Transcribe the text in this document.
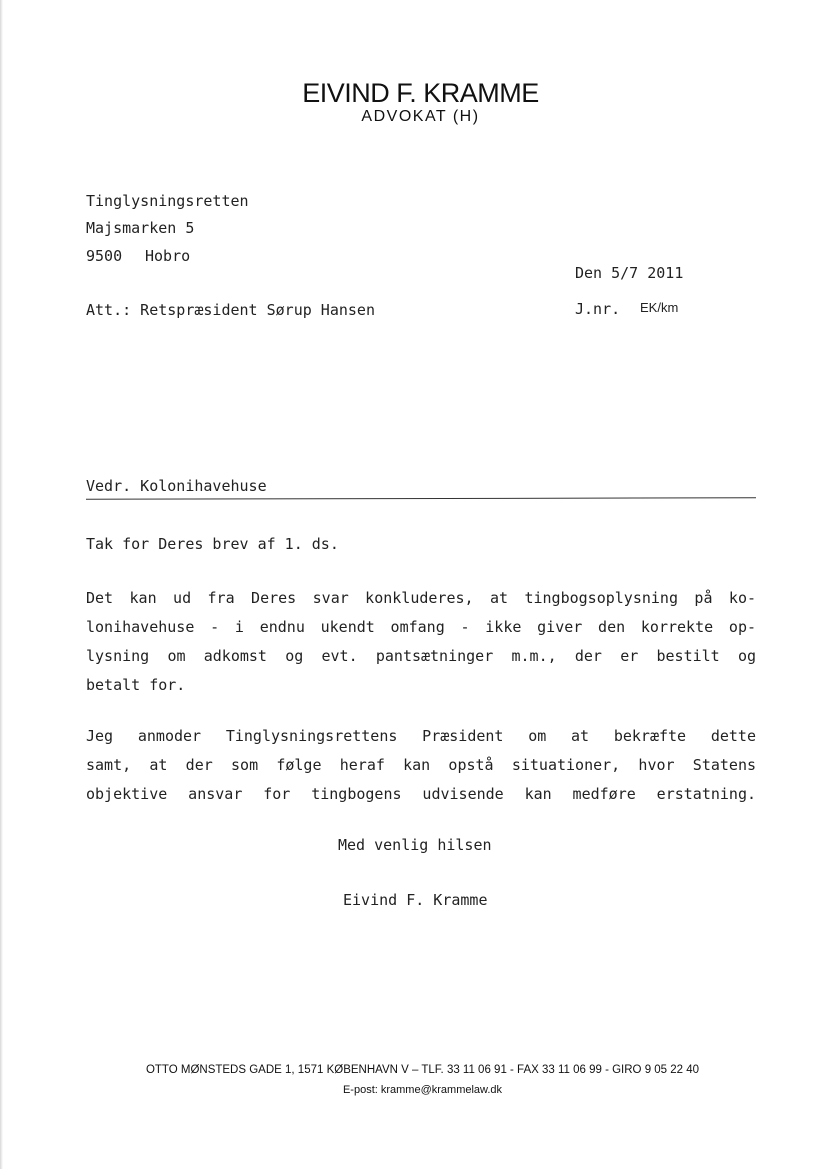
EIVIND F. KRAMME
ADVOKAT (H)
Tinglysningsretten
Majsmarken 5
9500 Hobro
Den 5/7 2011
Att.: Retspræsident Sørup Hansen	J.nr. EK/km
Vedr. Kolonihavehuse
Tak for Deres brev af 1. ds.
Det kan ud fra Deres svar konkluderes, at tingbogsoplysning på ko-
lonihavehuse - i endnu ukendt omfang - ikke giver den korrekte op-
lysning om adkomst og evt. pantsætninger m.m., der er bestilt og
betalt for.
Jeg anmoder Tinglysningsrettens Præsident om at bekræfte dette
samt, at der som følge heraf kan opstå situationer, hvor Statens
objektive ansvar for tingbogens udvisende kan medføre erstatning.
Med venlig hilsen
Eivind F. Kramme
OTTO MØNSTEDS GADE 1, 1571 KØBENHAVN V – TLF. 33 11 06 91 - FAX 33 11 06 99 - GIRO 9 05 22 40
E-post: kramme@krammelaw.dk
